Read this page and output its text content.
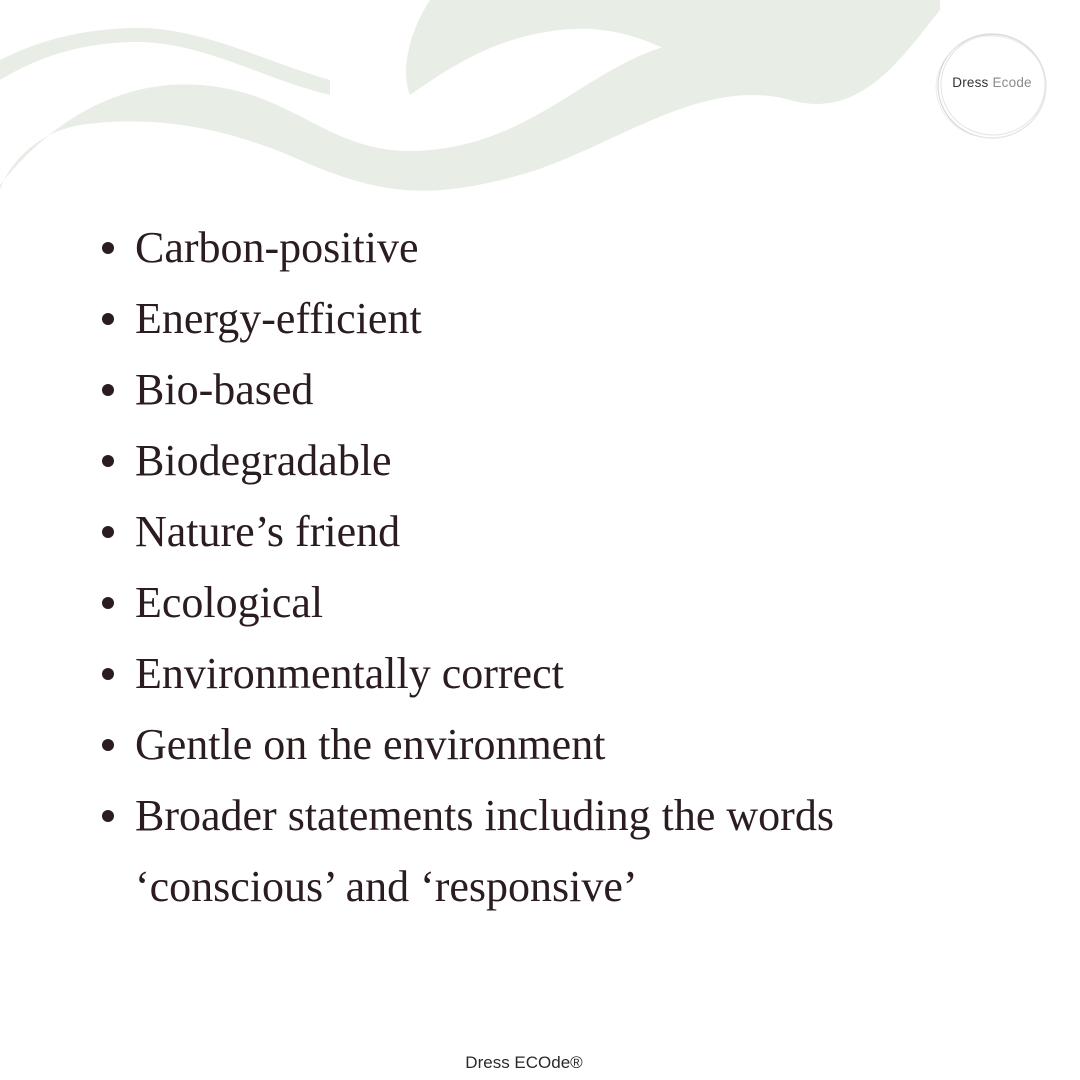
Dress Ecode
Carbon-positive
Energy-efficient
Bio-based
Biodegradable
Nature’s friend
Ecological
Environmentally correct
Gentle on the environment
Broader statements including the words ‘conscious’ and ‘responsive’
Dress ECOde®
